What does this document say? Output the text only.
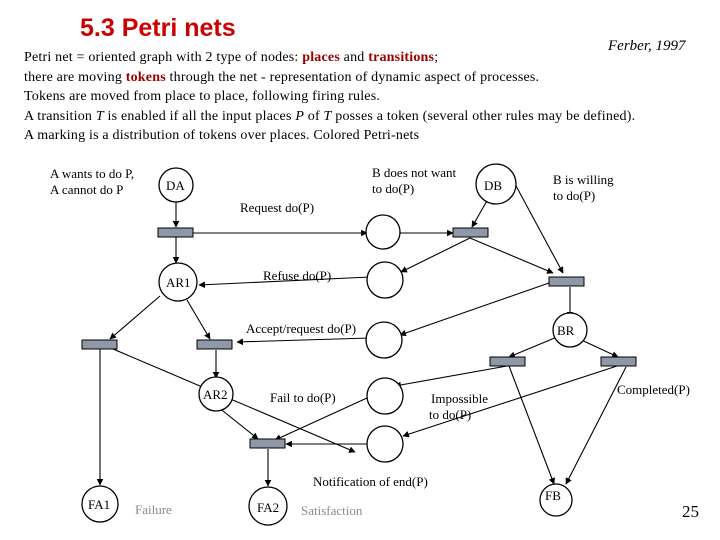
5.3 Petri nets
Ferber, 1997

Petri net = oriented graph with 2 type of nodes: places and transitions;

there are moving tokens through the net - representation of dynamic aspect of processes.

Tokens are moved from place to place, following firing rules.

A transition T is enabled if all the input places P of T posses a token (several other rules may be defined).

A marking is a distribution of tokens over places. Colored Petri-nets

A wants to do P,
A cannot do P	DA
Request do(P)
B does not want
to do(P)	DB	B is willing
to do(P)
AR1	Refuse do(P)
Accept/request do(P)	BR
AR2	Fail to do(P)	Impossible
to do(P)
Completed(P)
Notification of end(P)
FA1 Failure	FA2 Satisfaction
FB
25
